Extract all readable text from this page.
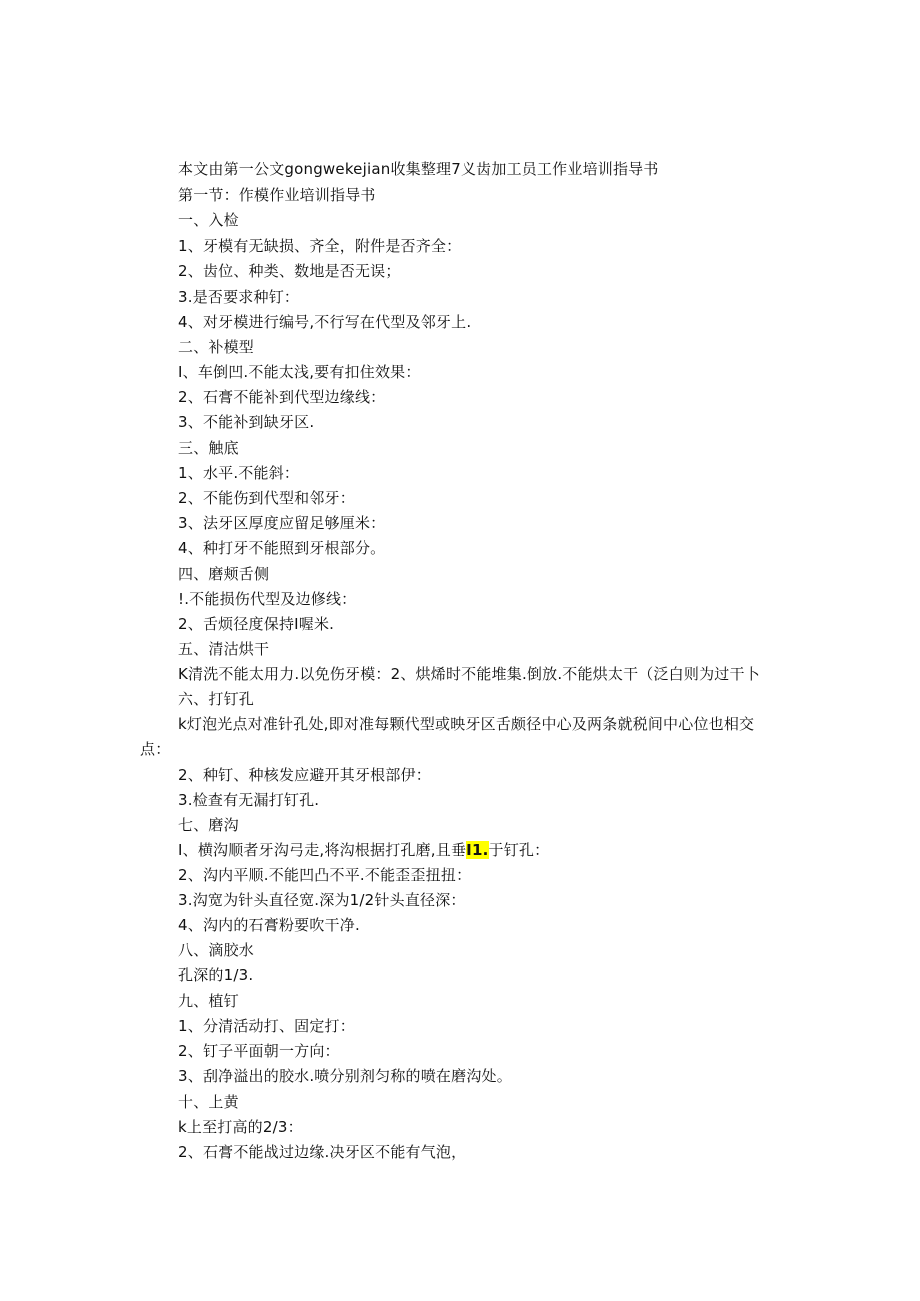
本文由第一公文gongwekejian收集整理7义齿加工员工作业培训指导书
第一节：作模作业培训指导书
一、入检
1、牙模有无缺损、齐全，附件是否齐全：
2、齿位、种类、数地是否无误；
3.是否要求种钉：
4、对牙模进行编号,不行写在代型及邻牙上.
二、补模型
I、车倒凹.不能太浅,要有扣住效果：
2、石膏不能补到代型边缘线：
3、不能补到缺牙区.
三、触底
1、水平.不能斜：
2、不能伤到代型和邻牙：
3、法牙区厚度应留足够厘米：
4、种打牙不能照到牙根部分。
四、磨颊舌侧
!.不能损伤代型及边修线：
2、舌烦径度保持I喔米.
五、清沽烘干
K清洗不能太用力.以免伤牙模：2、烘烯时不能堆集.倒放.不能烘太干（泛白则为过干卜
六、打钉孔
k灯泡光点对准针孔处,即对准每颗代型或映牙区舌颇径中心及两条就税间中心位也相交
点：
2、种钉、种核发应避开其牙根部伊：
3.检查有无漏打钉孔.
七、磨沟
I、横沟顺者牙沟弓走,将沟根据打孔磨,且垂I1.于钉孔：
2、沟内平顺.不能凹凸不平.不能歪歪扭扭：
3.沟宽为针头直径宽.深为1/2针头直径深：
4、沟内的石膏粉要吹干净.
八、滴胶水
孔深的1/3.
九、植钉
1、分清活动打、固定打：
2、钉子平面朝一方向：
3、刮净溢出的胶水.喷分别剂匀称的喷在磨沟处。
十、上黄
k上至打高的2/3：
2、石膏不能战过边缘.决牙区不能有气泡，
